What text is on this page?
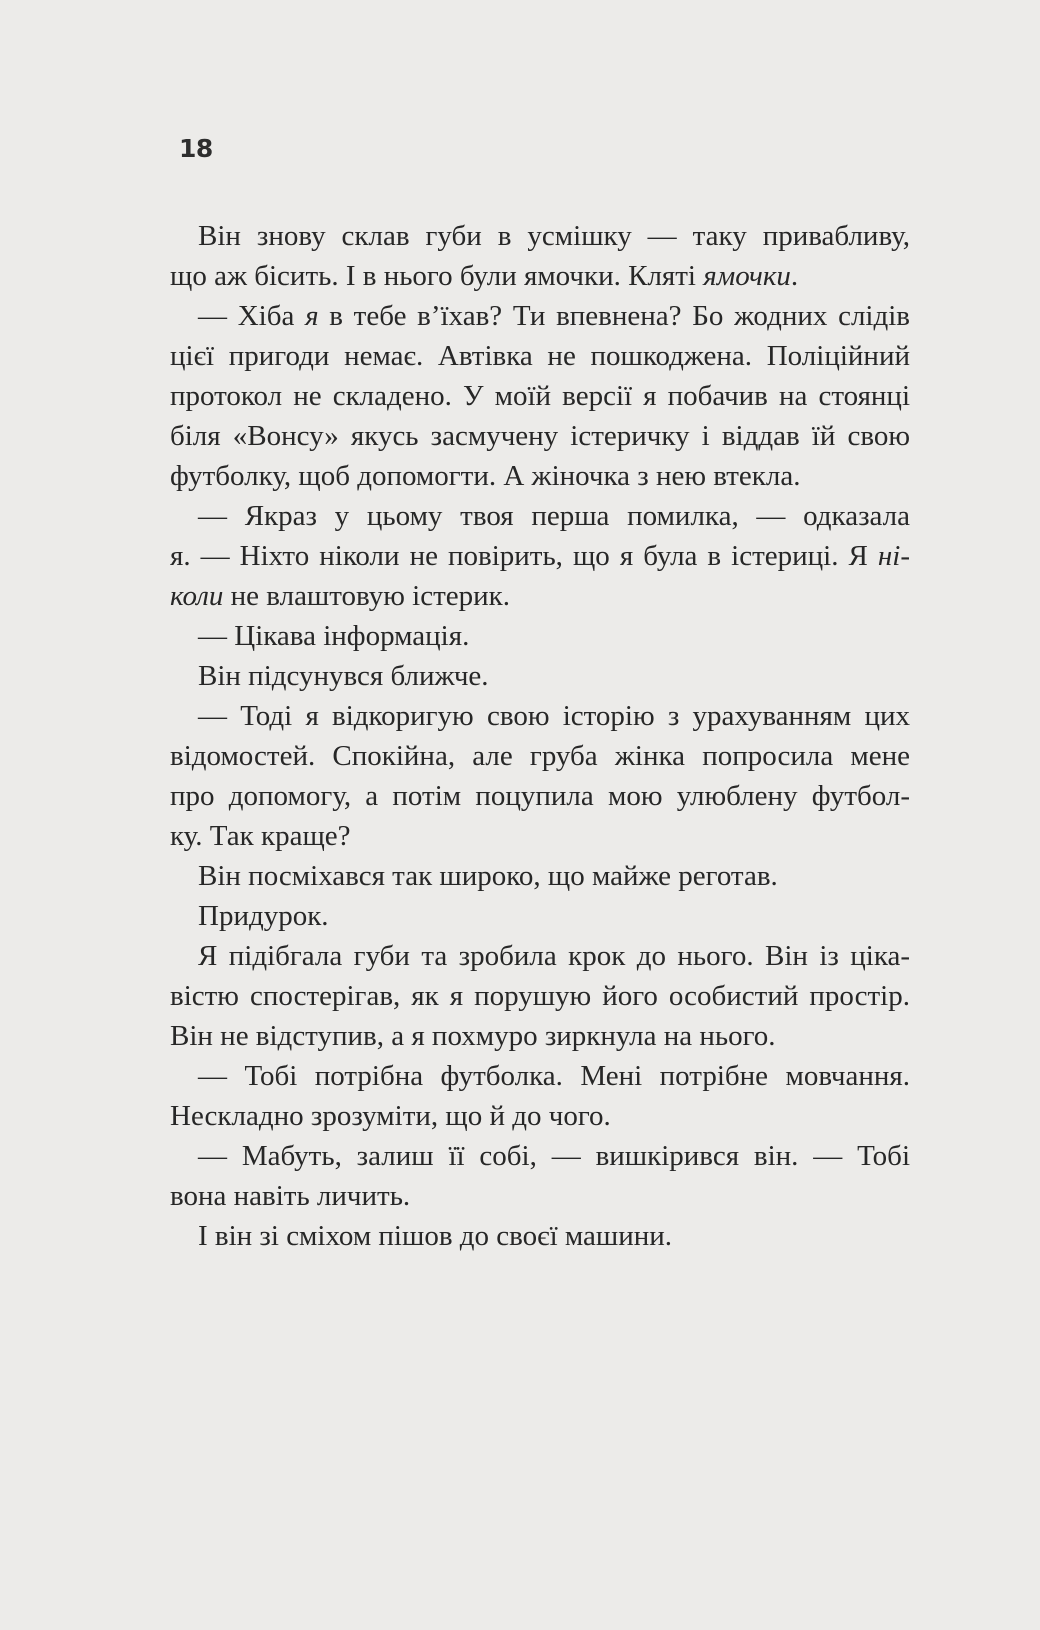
18
Він знову склав губи в усмішку — таку привабливу,
що аж бісить. І в нього були ямочки. Кляті ямочки.
— Хіба я в тебе в’їхав? Ти впевнена? Бо жодних слідів
цієї пригоди немає. Автівка не пошкоджена. Поліційний
протокол не складено. У моїй версії я побачив на стоянці
біля «Вонсу» якусь засмучену істеричку і віддав їй свою
футболку, щоб допомогти. А жіночка з нею втекла.
— Якраз у цьому твоя перша помилка, — одказала
я. — Ніхто ніколи не повірить, що я була в істериці. Я ні-
коли не влаштовую істерик.
— Цікава інформація.
Він підсунувся ближче.
— Тоді я відкоригую свою історію з урахуванням цих
відомостей. Спокійна, але груба жінка попросила мене
про допомогу, а потім поцупила мою улюблену футбол-
ку. Так краще?
Він посміхався так широко, що майже реготав.
Придурок.
Я підібгала губи та зробила крок до нього. Він із ціка-
вістю спостерігав, як я порушую його особистий простір.
Він не відступив, а я похмуро зиркнула на нього.
— Тобі потрібна футболка. Мені потрібне мовчання.
Нескладно зрозуміти, що й до чого.
— Мабуть, залиш її собі, — вишкірився він. — Тобі
вона навіть личить.
І він зі сміхом пішов до своєї машини.
